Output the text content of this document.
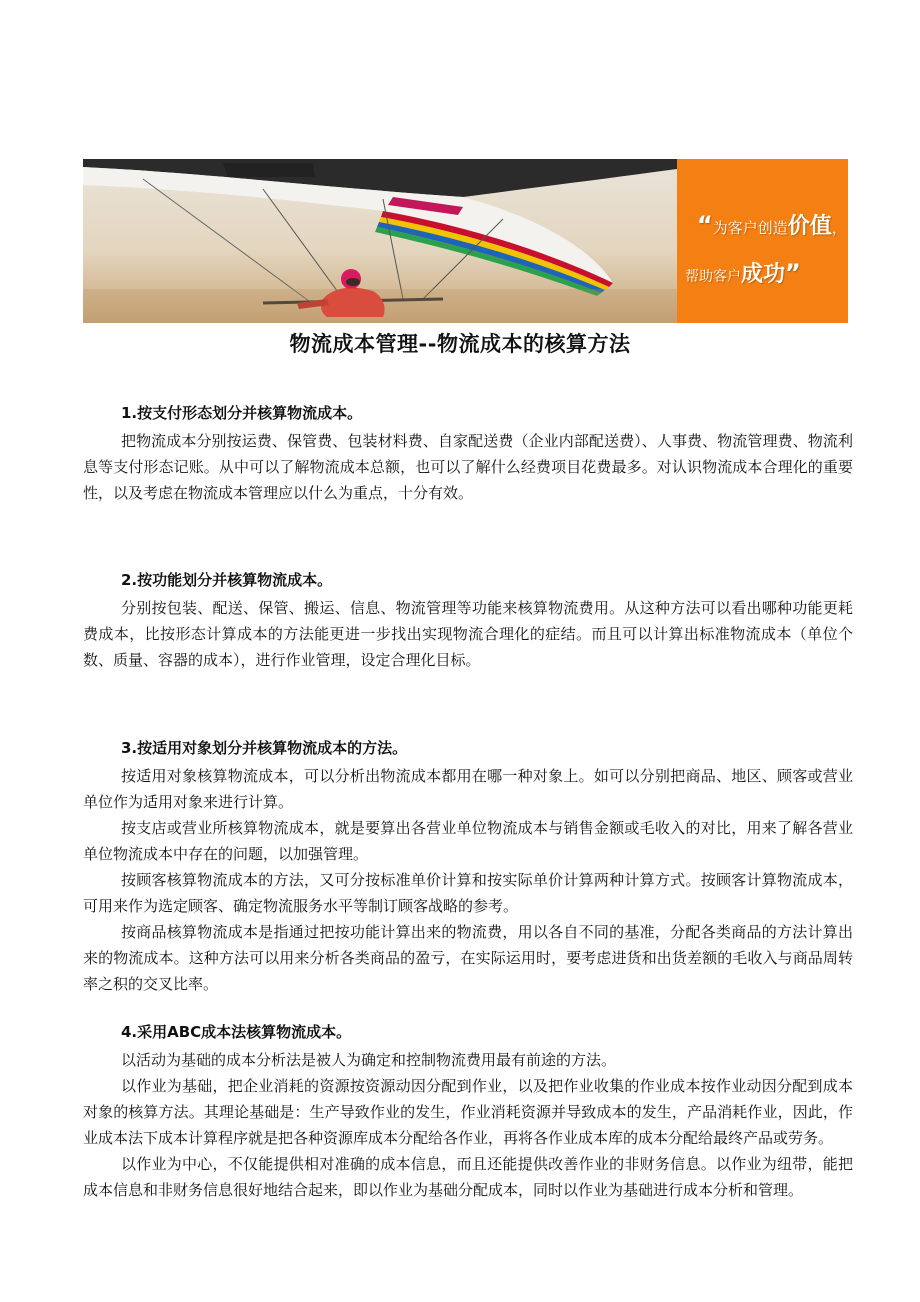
“为客户创造价值，
帮助客户成功”
物流成本管理--物流成本的核算方法

1.按支付形态划分并核算物流成本。

把物流成本分别按运费、保管费、包装材料费、自家配送费（企业内部配送费）、人事费、物流管理费、物流利息等支付形态记账。从中可以了解物流成本总额，也可以了解什么经费项目花费最多。对认识物流成本合理化的重要性，以及考虑在物流成本管理应以什么为重点，十分有效。

2.按功能划分并核算物流成本。

分别按包装、配送、保管、搬运、信息、物流管理等功能来核算物流费用。从这种方法可以看出哪种功能更耗费成本，比按形态计算成本的方法能更进一步找出实现物流合理化的症结。而且可以计算出标准物流成本（单位个数、质量、容器的成本），进行作业管理，设定合理化目标。

3.按适用对象划分并核算物流成本的方法。

按适用对象核算物流成本，可以分析出物流成本都用在哪一种对象上。如可以分别把商品、地区、顾客或营业单位作为适用对象来进行计算。

按支店或营业所核算物流成本，就是要算出各营业单位物流成本与销售金额或毛收入的对比，用来了解各营业单位物流成本中存在的问题，以加强管理。

按顾客核算物流成本的方法，又可分按标准单价计算和按实际单价计算两种计算方式。按顾客计算物流成本，可用来作为选定顾客、确定物流服务水平等制订顾客战略的参考。

按商品核算物流成本是指通过把按功能计算出来的物流费，用以各自不同的基准，分配各类商品的方法计算出来的物流成本。这种方法可以用来分析各类商品的盈亏，在实际运用时，要考虑进货和出货差额的毛收入与商品周转率之积的交叉比率。

4.采用ABC成本法核算物流成本。

以活动为基础的成本分析法是被人为确定和控制物流费用最有前途的方法。

以作业为基础，把企业消耗的资源按资源动因分配到作业，以及把作业收集的作业成本按作业动因分配到成本对象的核算方法。其理论基础是：生产导致作业的发生，作业消耗资源并导致成本的发生，产品消耗作业，因此，作业成本法下成本计算程序就是把各种资源库成本分配给各作业，再将各作业成本库的成本分配给最终产品或劳务。

以作业为中心，不仅能提供相对准确的成本信息，而且还能提供改善作业的非财务信息。以作业为纽带，能把成本信息和非财务信息很好地结合起来，即以作业为基础分配成本，同时以作业为基础进行成本分析和管理。
